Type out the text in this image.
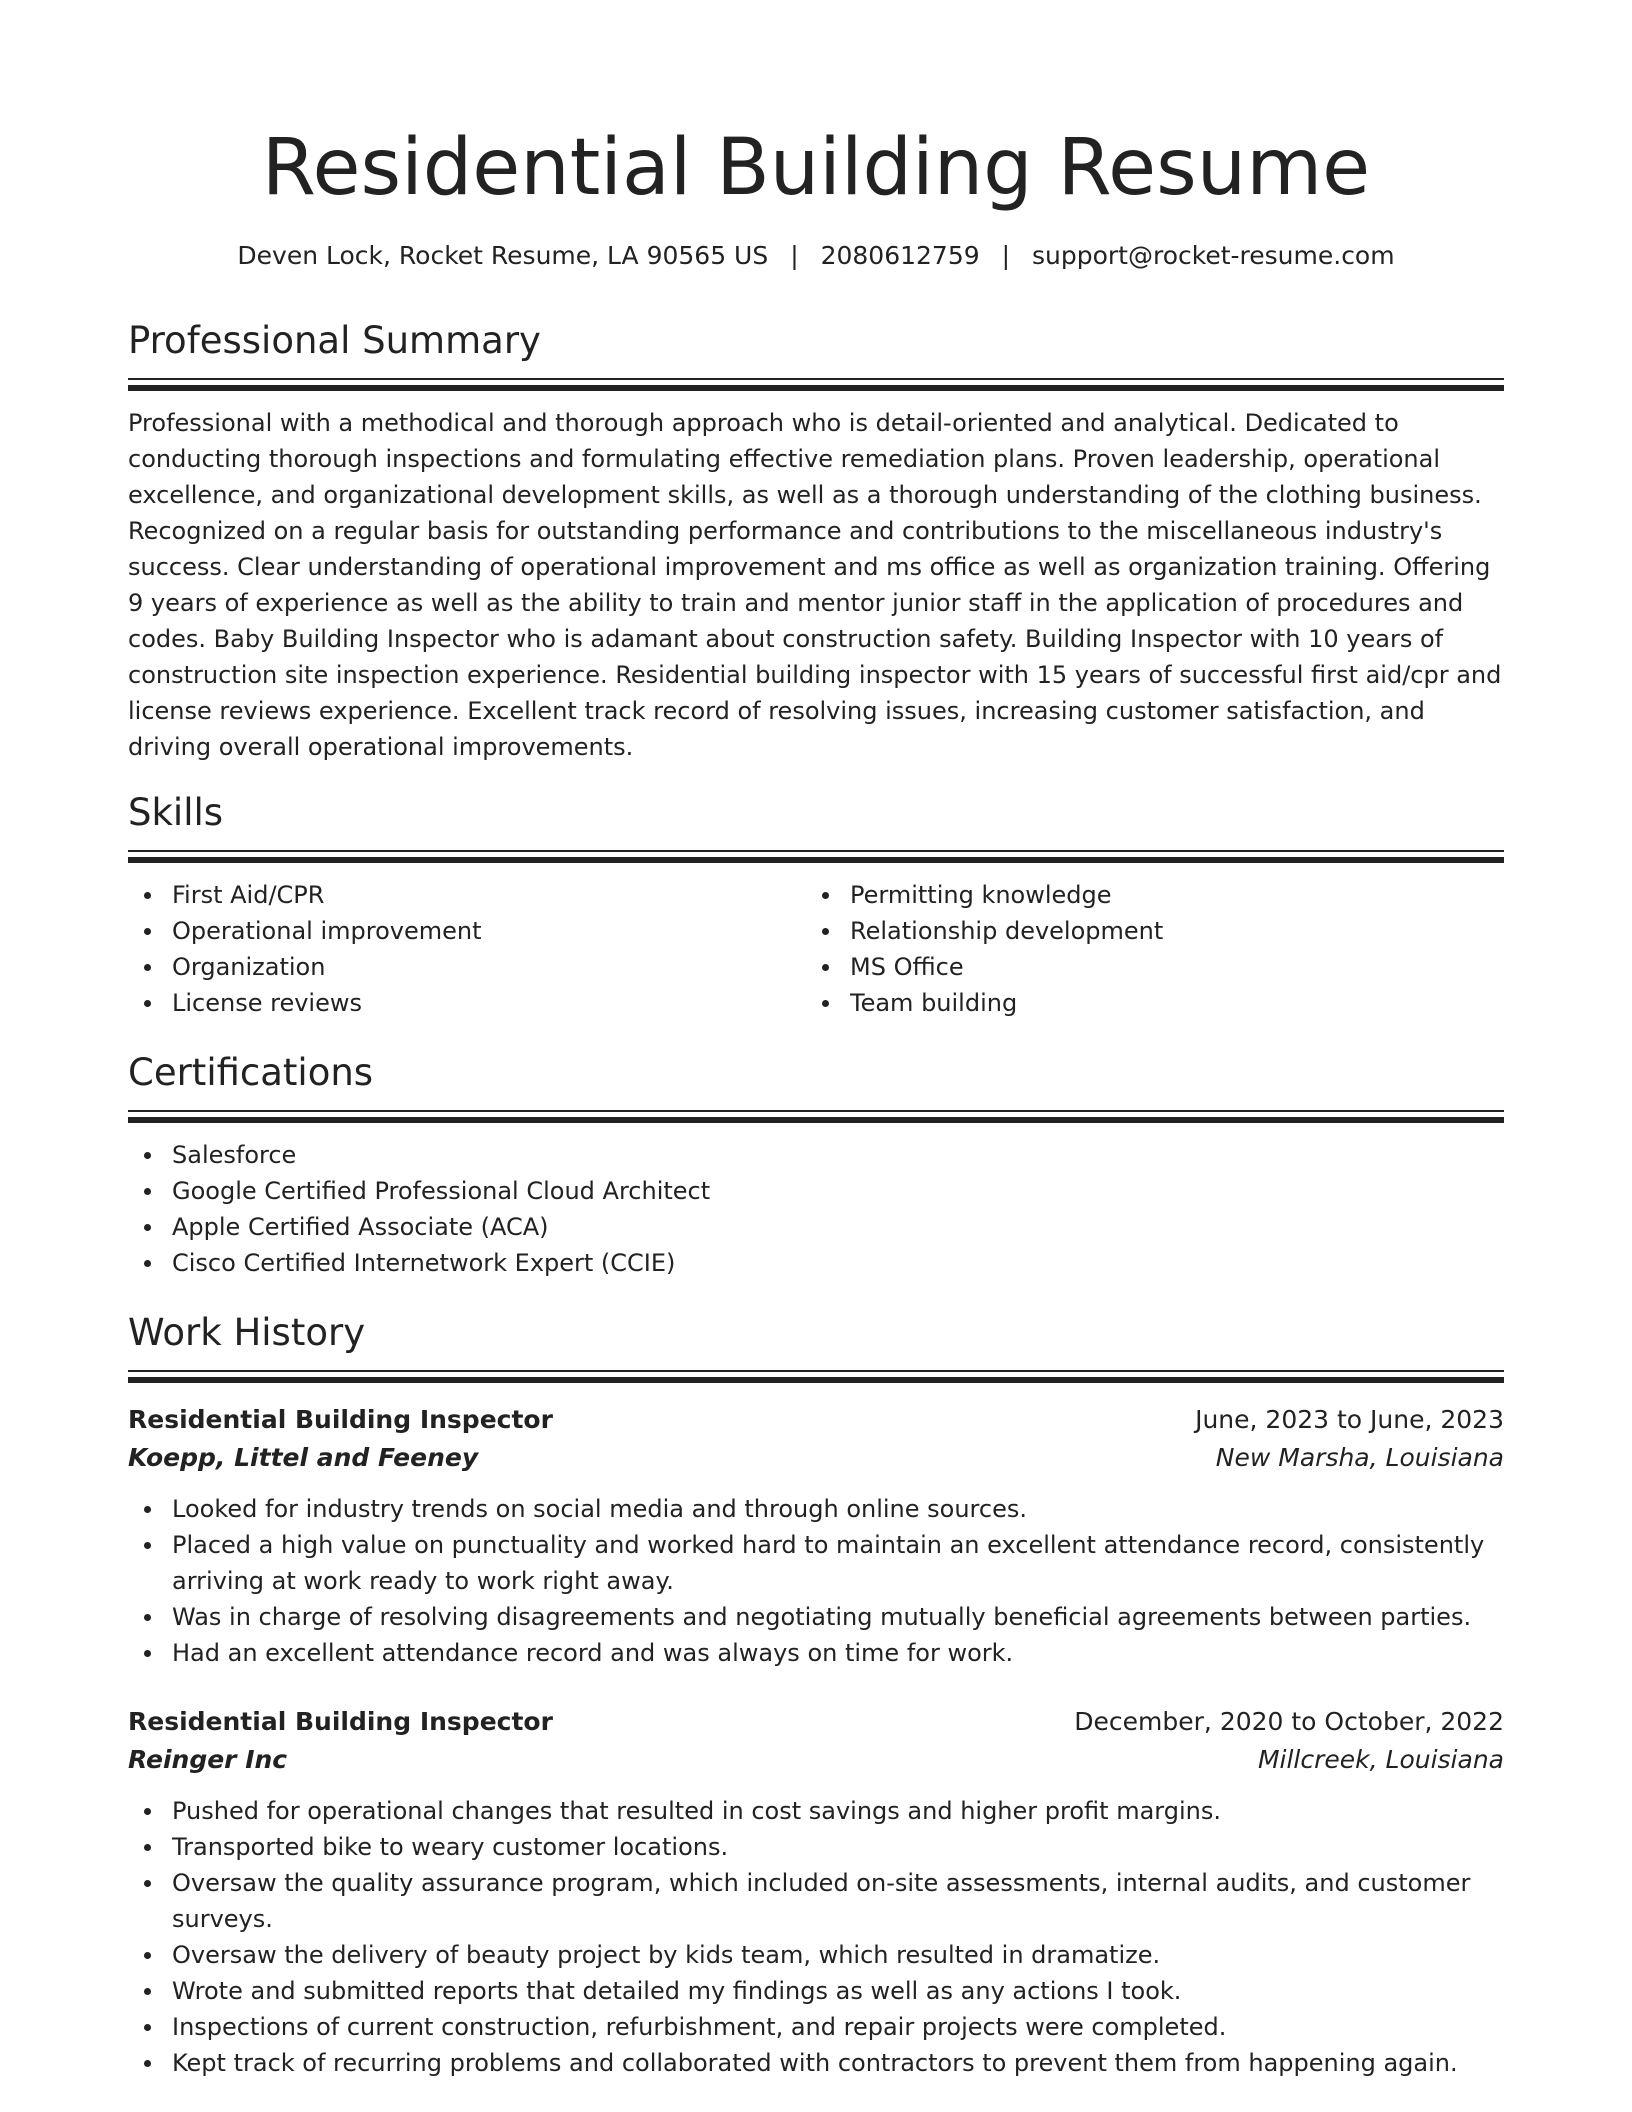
Residential Building Resume
Deven Lock, Rocket Resume, LA 90565 US | 2080612759 | support@rocket-resume.com
Professional Summary

Professional with a methodical and thorough approach who is detail-oriented and analytical. Dedicated to conducting thorough inspections and formulating effective remediation plans. Proven leadership, operational excellence, and organizational development skills, as well as a thorough understanding of the clothing business. Recognized on a regular basis for outstanding performance and contributions to the miscellaneous industry's success. Clear understanding of operational improvement and ms office as well as organization training. Offering 9 years of experience as well as the ability to train and mentor junior staff in the application of procedures and codes. Baby Building Inspector who is adamant about construction safety. Building Inspector with 10 years of construction site inspection experience. Residential building inspector with 15 years of successful first aid/cpr and license reviews experience. Excellent track record of resolving issues, increasing customer satisfaction, and driving overall operational improvements.

Skills
First Aid/CPR
Operational improvement
Organization
License reviews
Permitting knowledge
Relationship development
MS Office
Team building
Certifications
Salesforce
Google Certified Professional Cloud Architect
Apple Certified Associate (ACA)
Cisco Certified Internetwork Expert (CCIE)
Work History
Residential Building Inspector	June, 2023 to June, 2023
Koepp, Littel and Feeney	New Marsha, Louisiana
Looked for industry trends on social media and through online sources.
Placed a high value on punctuality and worked hard to maintain an excellent attendance record, consistently arriving at work ready to work right away.
Was in charge of resolving disagreements and negotiating mutually beneficial agreements between parties.
Had an excellent attendance record and was always on time for work.
Residential Building Inspector	December, 2020 to October, 2022
Reinger Inc	Millcreek, Louisiana
Pushed for operational changes that resulted in cost savings and higher profit margins.
Transported bike to weary customer locations.
Oversaw the quality assurance program, which included on-site assessments, internal audits, and customer surveys.
Oversaw the delivery of beauty project by kids team, which resulted in dramatize.
Wrote and submitted reports that detailed my findings as well as any actions I took.
Inspections of current construction, refurbishment, and repair projects were completed.
Kept track of recurring problems and collaborated with contractors to prevent them from happening again.
